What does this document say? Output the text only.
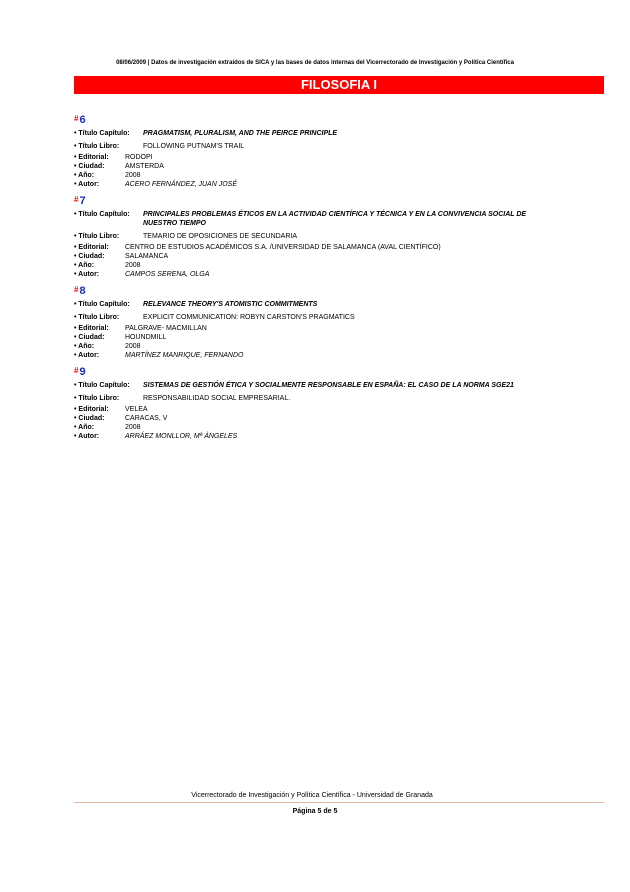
08/06/2009 | Datos de investigación extraídos de SICA y las bases de datos internas del Vicerrectorado de Investigación y Política Científica
FILOSOFIA I
#6
• Título Capítulo:	PRAGMATISM, PLURALISM, AND THE PEIRCE PRINCIPLE
• Título Libro:	FOLLOWING PUTNAM'S TRAIL
• Editorial:	RODOPI
• Ciudad:	AMSTERDA
• Año:	2008
• Autor:	ACERO FERNÁNDEZ, JUAN JOSÉ
#7
• Título Capítulo:	PRINCIPALES PROBLEMAS ÉTICOS EN LA ACTIVIDAD CIENTÍFICA Y TÉCNICA Y EN LA CONVIVENCIA SOCIAL DE NUESTRO TIEMPO
• Título Libro:	TEMARIO DE OPOSICIONES DE SECUNDARIA
• Editorial:	CENTRO DE ESTUDIOS ACADÉMICOS S.A. /UNIVERSIDAD DE SALAMANCA (AVAL CIENTÍFICO)
• Ciudad:	SALAMANCA
• Año:	2008
• Autor:	CAMPOS SERENA, OLGA
#8
• Título Capítulo:	RELEVANCE THEORY'S ATOMISTIC COMMITMENTS
• Título Libro:	EXPLICIT COMMUNICATION: ROBYN CARSTON'S PRAGMATICS
• Editorial:	PALGRAVE- MACMILLAN
• Ciudad:	HOUNDMILL
• Año:	2008
• Autor:	MARTÍNEZ MANRIQUE, FERNANDO
#9
• Título Capítulo:	SISTEMAS DE GESTIÓN ÉTICA Y SOCIALMENTE RESPONSABLE EN ESPAÑA: EL CASO DE LA NORMA SGE21
• Título Libro:	RESPONSABILIDAD SOCIAL EMPRESARIAL.
• Editorial:	VELEA
• Ciudad:	CARACAS, V
• Año:	2008
• Autor:	ARRÁEZ MONLLOR, Mª ÁNGELES
Vicerrectorado de Investigación y Política Científica - Universidad de Granada
Página 5 de 5
